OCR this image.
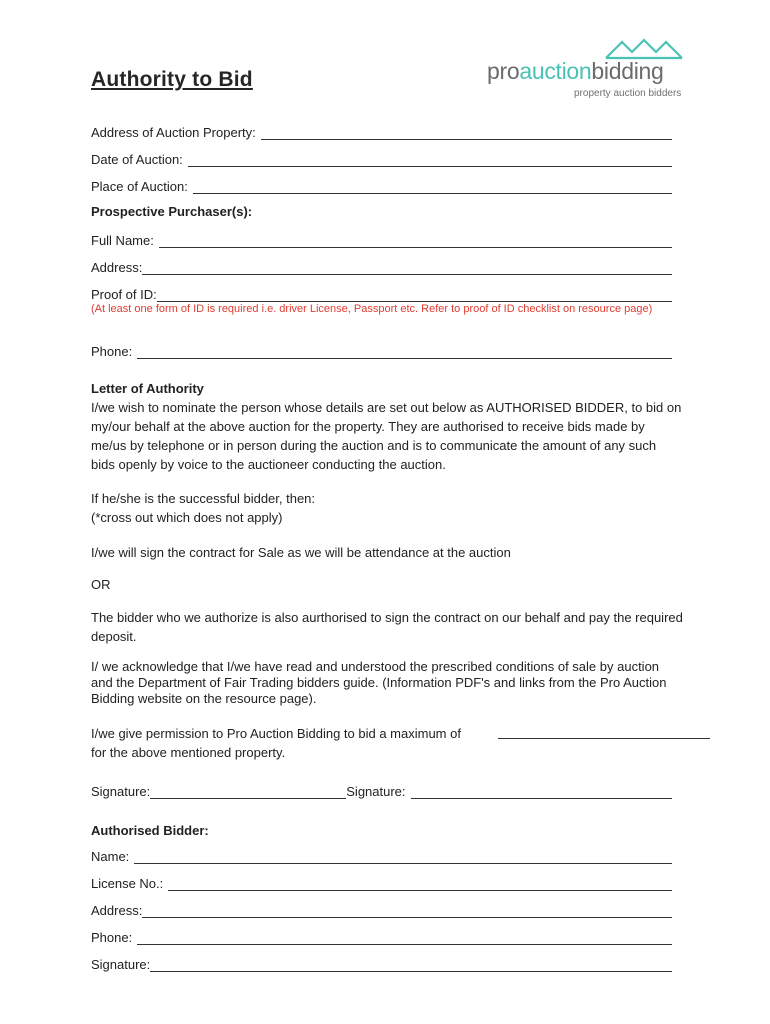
Authority to Bid	proauctionbidding
property auction bidders
Address of Auction Property:
Date of Auction:
Place of Auction:
Prospective Purchaser(s):
Full Name:
Address:
Proof of ID:
(At least one form of ID is required i.e. driver License, Passport etc. Refer to proof of ID checklist on resource page)
Phone:
Letter of Authority
I/we wish to nominate the person whose details are set out below as AUTHORISED BIDDER, to bid on my/our behalf at the above auction for the property. They are authorised to receive bids made by me/us by telephone or in person during the auction and is to communicate the amount of any such bids openly by voice to the auctioneer conducting the auction.
If he/she is the successful bidder, then:
(*cross out which does not apply)
I/we will sign the contract for Sale as we will be attendance at the auction
OR
The bidder who we authorize is also aurthorised to sign the contract on our behalf and pay the required deposit.
I/ we acknowledge that I/we have read and understood the prescribed conditions of sale by auction and the Department of Fair Trading bidders guide. (Information PDF's and links from the Pro Auction Bidding website on the resource page).
I/we give permission to Pro Auction Bidding to bid a maximum of
for the above mentioned property.
Signature:	Signature:
Authorised Bidder:
Name:
License No.:
Address:
Phone:
Signature:
